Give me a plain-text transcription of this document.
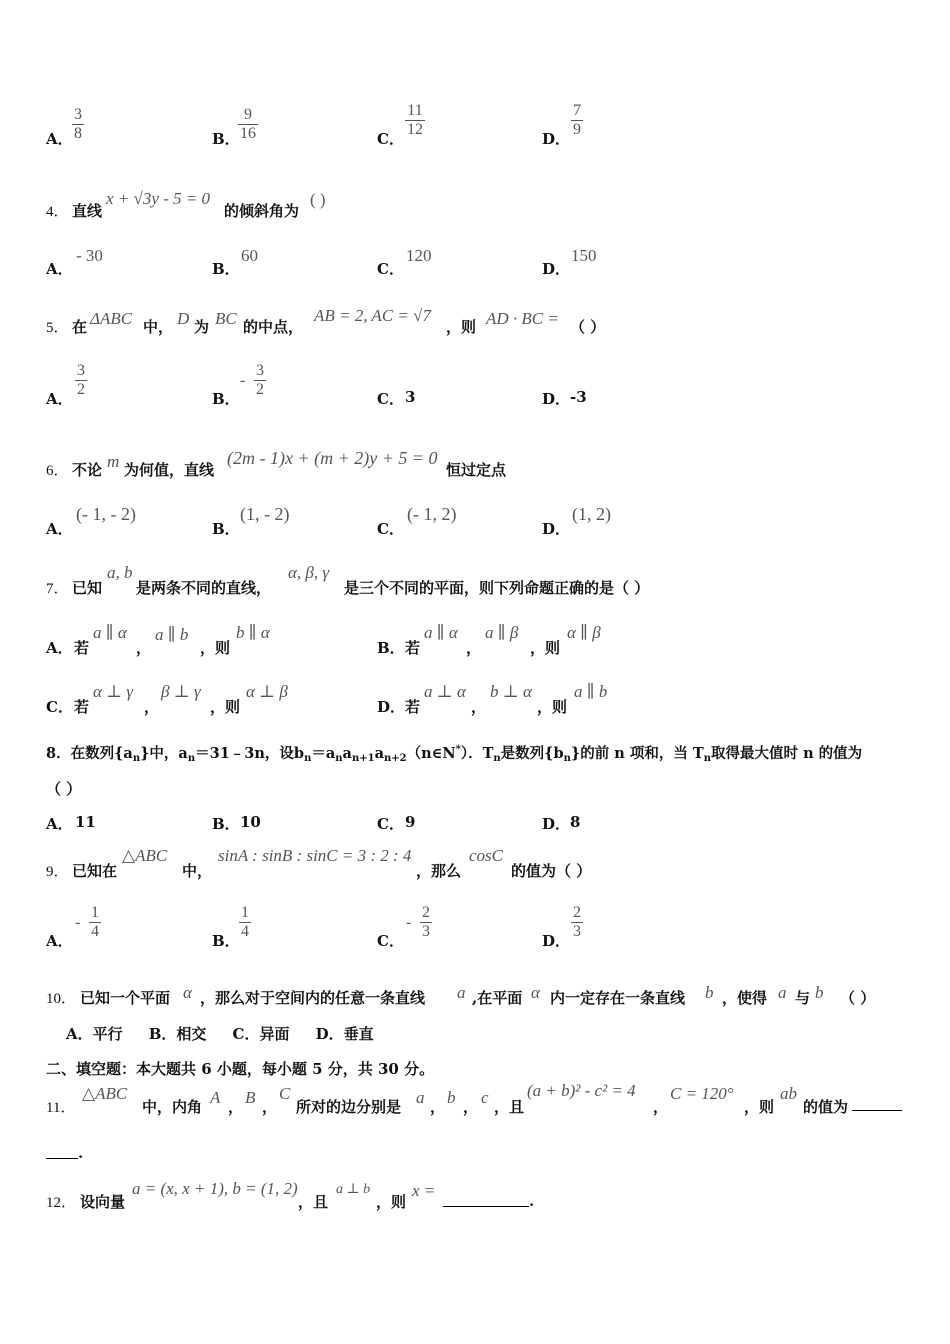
A． $\frac{3}{8}$	B．
$\frac{9}{16}$	C． $\frac{11}{12}$	D． $\frac{7}{9}$
4． 直线
x + √3y - 5 = 0
的倾斜角为
( )
A．
- 30
B．
60
C．
120
D．
150
5． 在 ΔABC 中， D 为 BC 的中点，
AB = 2, AC = √7
，则 AD · BC = （ ）
A． $\frac{3}{2}$	B．
-
3
2
C． 3	D． -3
6． 不论 m 为何值，直线
(2m - 1)x + (m + 2)y + 5 = 0
恒过定点
A．
(- 1, - 2)
B．
(1, - 2)
C．
(- 1, 2)
D．
(1, 2)
7． 已知
a, b
是两条不同的直线，
α, β, γ
是三个不同的平面，则下列命题正确的是（ ）
A． 若
a ∥ α
，
a ∥ b
，则
b ∥ α
B． 若
a ∥ α
，
a ∥ β
，则
α ∥ β
C． 若
α ⊥ γ
，
β ⊥ γ
，则
α ⊥ β
D． 若
a ⊥ α
，
b ⊥ α
，则
a ∥ b
8．在数列$\{a_n\}$中，$a_n=31﹣3n$，设$b_n=a_na_{n+1}a_{n+2}(n\in N^*)$．$T_n$是数列$\{b_n\}$的前 n 项和，当 $T_n$取得最大值时 n 的值为
（ ）
A． 11	B． 10	C． 9	D． 8
9． 已知在
△ABC
中，
sinA : sinB : sinC = 3 : 2 : 4
，那么
cosC
的值为（ ）
A．
-
1
4
B． $\frac{1}{4}$	C．
-
2
3
D． $\frac{2}{3}$
10． 已知一个平面 α ，那么对于空间内的任意一条直线 a ,在平面 α 内一定存在一条直线 b ，使得 a 与 b （ ）
A．平行     B．相交     C．异面     D．垂直
二、填空题：本大题共 6 小题，每小题 5 分，共 30 分。
11．
△ABC
中，内角 A ， B ，
C
所对的边分别是 a ， b ， c ，且
(a + b)² - c² = 4
，
C = 120°
，则
ab
的值为
.
12． 设向量
a = (x, x + 1), b = (1, 2)
，且
a ⊥ b
，则
x =
.
